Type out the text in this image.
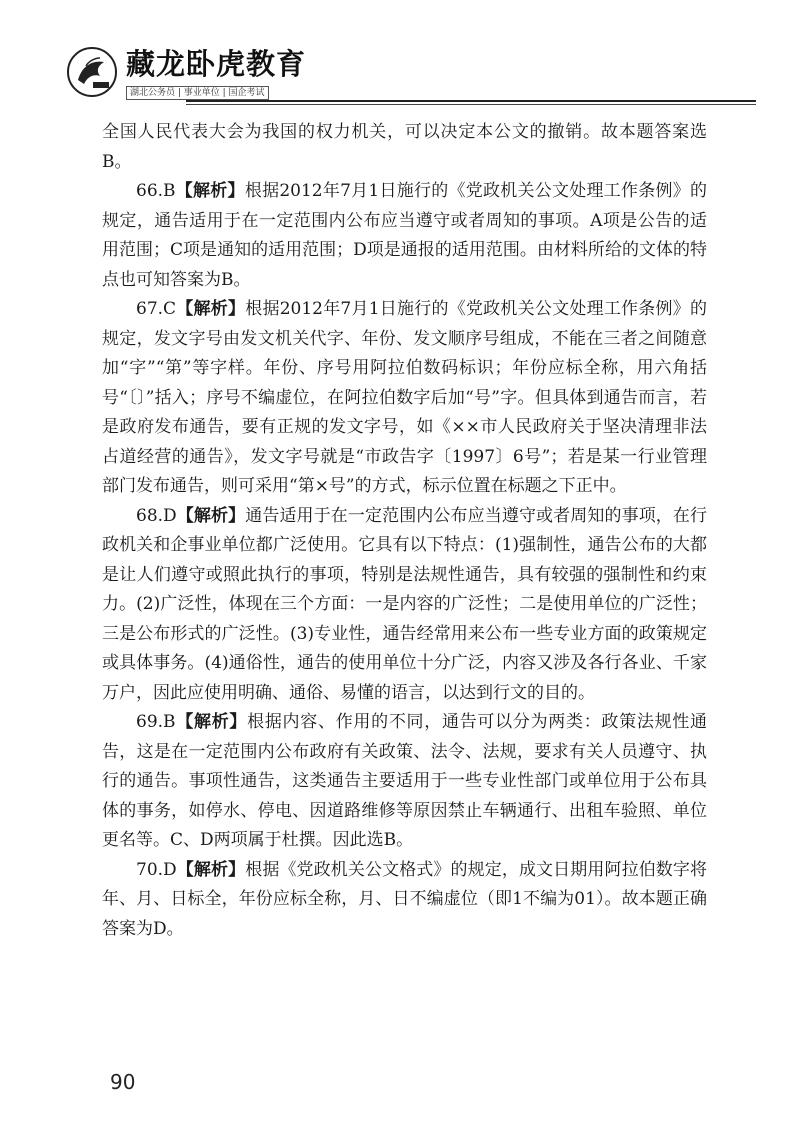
藏龙卧虎教育
湖北公务员 | 事业单位 | 国企考试

全国人民代表大会为我国的权力机关，可以决定本公文的撤销。故本题答案选B。

66.B【解析】根据2012年7月1日施行的《党政机关公文处理工作条例》的规定，通告适用于在一定范围内公布应当遵守或者周知的事项。A项是公告的适用范围；C项是通知的适用范围；D项是通报的适用范围。由材料所给的文体的特点也可知答案为B。

67.C【解析】根据2012年7月1日施行的《党政机关公文处理工作条例》的规定，发文字号由发文机关代字、年份、发文顺序号组成，不能在三者之间随意加“字”“第”等字样。年份、序号用阿拉伯数码标识；年份应标全称，用六角括号“〔〕”括入；序号不编虚位，在阿拉伯数字后加“号”字。但具体到通告而言，若是政府发布通告，要有正规的发文字号，如《××市人民政府关于坚决清理非法占道经营的通告》，发文字号就是“市政告字〔1997〕6号”；若是某一行业管理部门发布通告，则可采用“第×号”的方式，标示位置在标题之下正中。

68.D【解析】通告适用于在一定范围内公布应当遵守或者周知的事项，在行政机关和企事业单位都广泛使用。它具有以下特点：(1)强制性，通告公布的大都是让人们遵守或照此执行的事项，特别是法规性通告，具有较强的强制性和约束力。(2)广泛性，体现在三个方面：一是内容的广泛性；二是使用单位的广泛性；三是公布形式的广泛性。(3)专业性，通告经常用来公布一些专业方面的政策规定或具体事务。(4)通俗性，通告的使用单位十分广泛，内容又涉及各行各业、千家万户，因此应使用明确、通俗、易懂的语言，以达到行文的目的。

69.B【解析】根据内容、作用的不同，通告可以分为两类：政策法规性通告，这是在一定范围内公布政府有关政策、法令、法规，要求有关人员遵守、执行的通告。事项性通告，这类通告主要适用于一些专业性部门或单位用于公布具体的事务，如停水、停电、因道路维修等原因禁止车辆通行、出租车验照、单位更名等。C、D两项属于杜撰。因此选B。

70.D【解析】根据《党政机关公文格式》的规定，成文日期用阿拉伯数字将年、月、日标全，年份应标全称，月、日不编虚位（即1不编为01）。故本题正确答案为D。

90
